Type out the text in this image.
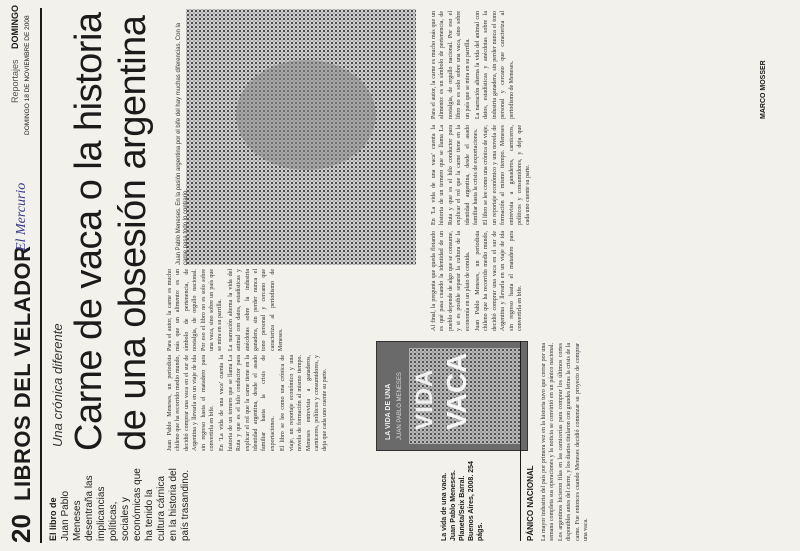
20
LIBROS DEL VELADOR
El Mercurio
Reportajes
DOMINGO DOMINGO 18 DE NOVIEMBRE DE 2008
El libro de Juan Pablo Meneses desentraña las implicancias políticas, sociales y económicas que ha tenido la cultura cárnica en la historia del país trasandino.
Una crónica diferente Carne de vaca o la historia de una obsesión argentina Juan Pablo Meneses, un periodista chileno que ha recorrido medio mundo, decidió comprar una vaca en el sur de Argentina y llevarla en un viaje de ida sin regreso hasta el matadero para convertirla en bife. En 'La vida de una vaca' cuenta la historia de un ternero que se llama La Ruta y que es el hilo conductor para explicar el rol que la carne tiene en la identidad argentina, desde el asado familiar hasta la crisis de exportaciones. El libro se lee como una crónica de viaje, un reportaje económico y una novela de formación al mismo tiempo. Meneses entrevista a ganaderos, carniceros, políticos y consumidores, y deja que cada uno cuente su parte.

Para el autor, la carne es mucho más que un alimento: es un símbolo de pertenencia, de nostalgia, de orgullo nacional. Por eso el libro no es solo sobre una vaca, sino sobre un país que se mira en su parrilla. La narración alterna la vida del animal con datos, estadísticas y anécdotas sobre la industria ganadera, sin perder nunca el tono personal y cercano que caracteriza al periodismo de Meneses.

Juan Pablo Meneses. En la pasión argentina por el bife del hay muchas diferencias. Con la carne pasa todo lo contrario.
LA VIDA DE UNA VIDA VACA
JUAN PABLO MENESES
La vida de una vaca. Juan Pablo Meneses. Planeta/Seix Barral. Buenos Aires, 2008. 254 págs.	PÁNICO NACIONAL La mayor industria del país por primera vez en la historia tuvo que cerrar por una semana completa sus operaciones y la noticia se convirtió en un pánico nacional. Los argentinos hicieron filas en las carnicerías para comprar los últimos cortes disponibles antes del cierre, y los diarios titularon con grandes letras la crisis de la carne. Fue entonces cuando Meneses decidió comenzar su proyecto de comprar una vaca.

Al final, la pregunta que queda flotando es qué pasa cuando la identidad de un pueblo depende de algo que se consume, y si es posible separar la cultura de la economía en un plato de comida. Juan Pablo Meneses, un periodista chileno que ha recorrido medio mundo, decidió comprar una vaca en el sur de Argentina y llevarla en un viaje de ida sin regreso hasta el matadero para convertirla en bife.

En 'La vida de una vaca' cuenta la historia de un ternero que se llama La Ruta y que es el hilo conductor para explicar el rol que la carne tiene en la identidad argentina, desde el asado familiar hasta la crisis de exportaciones. El libro se lee como una crónica de viaje, un reportaje económico y una novela de formación al mismo tiempo. Meneses entrevista a ganaderos, carniceros, políticos y consumidores, y deja que cada uno cuente su parte.

Para el autor, la carne es mucho más que un alimento: es un símbolo de pertenencia, de nostalgia, de orgullo nacional. Por eso el libro no es solo sobre una vaca, sino sobre un país que se mira en su parrilla. La narración alterna la vida del animal con datos, estadísticas y anécdotas sobre la industria ganadera, sin perder nunca el tono personal y cercano que caracteriza al periodismo de Meneses.	MARCO MOSSER
